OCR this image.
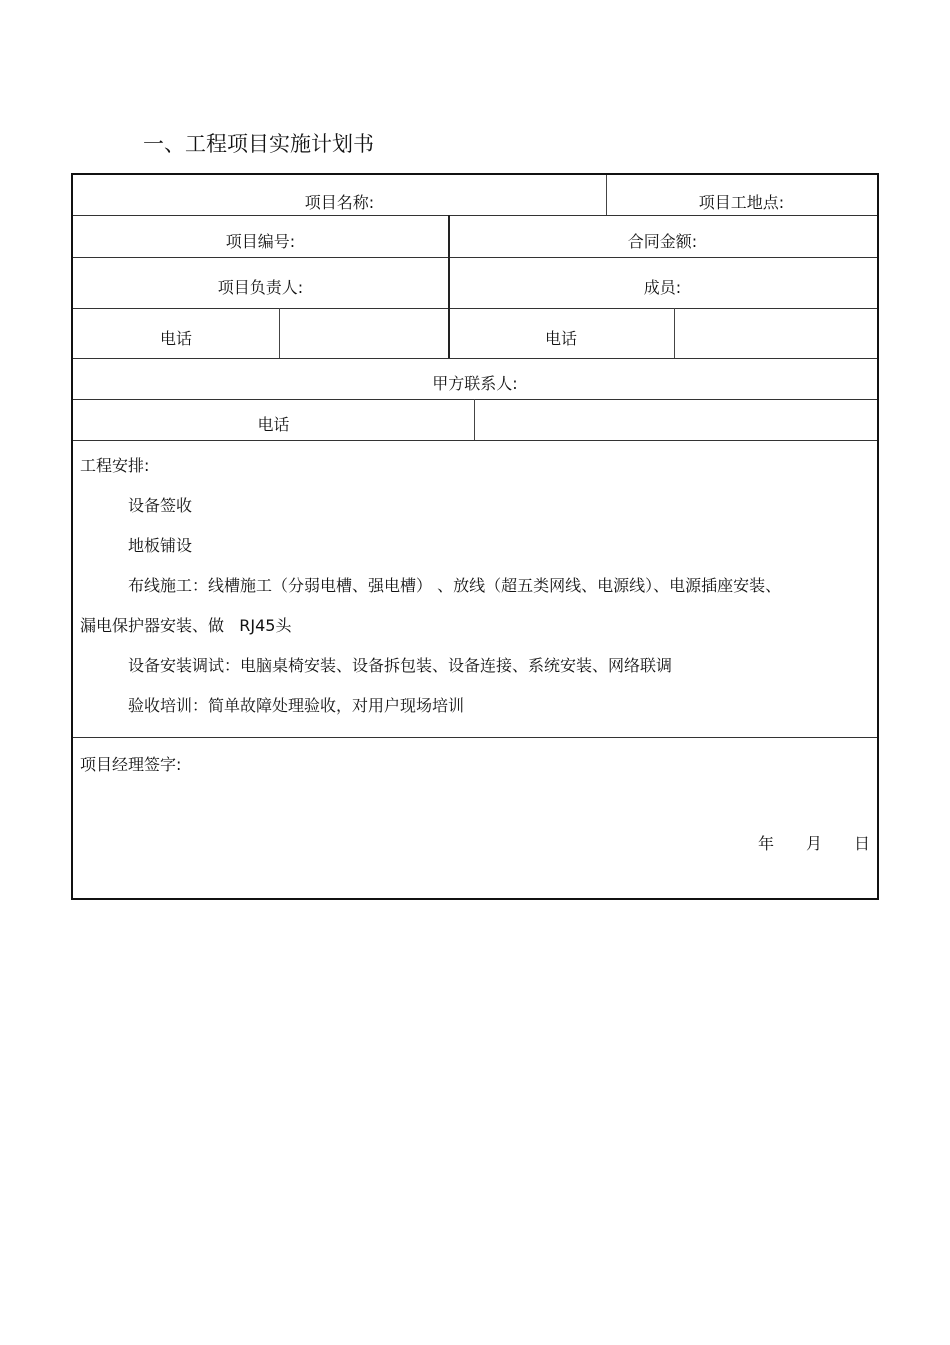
一、工程项目实施计划书
项目名称:	项目工地点:
项目编号:	合同金额:
项目负责人:	成员:
电话	电话
甲方联系人:
电话
工程安排:
设备签收
地板铺设
布线施工：线槽施工（分弱电槽、强电槽） 、放线（超五类网线、电源线）、电源插座安装、
漏电保护器安装、做   RJ45头
设备安装调试：电脑桌椅安装、设备拆包装、设备连接、系统安装、网络联调
验收培训：简单故障处理验收，对用户现场培训
项目经理签字:
年 月 日
